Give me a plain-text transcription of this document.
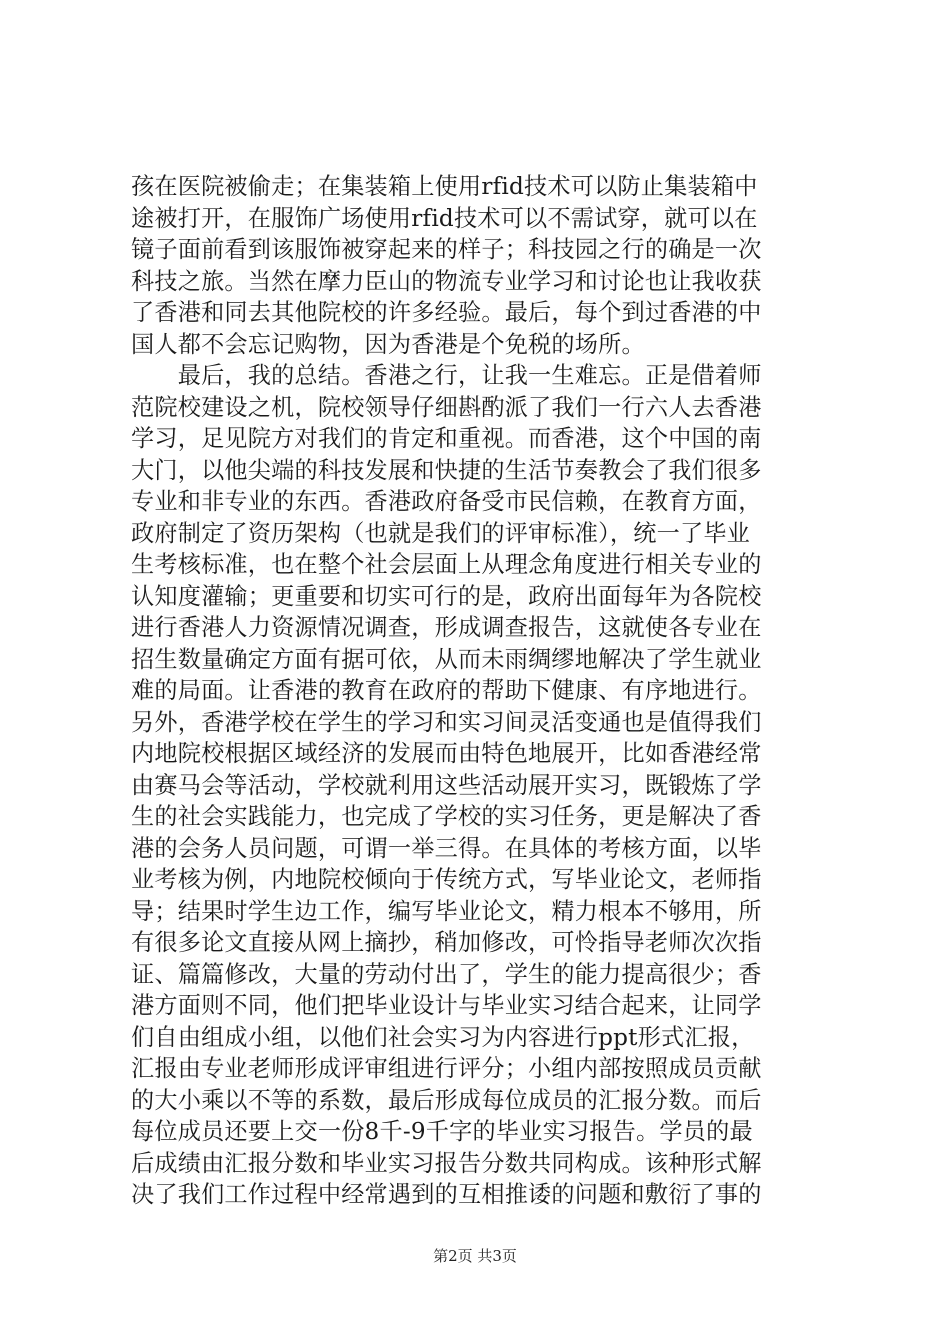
孩在医院被偷走；在集装箱上使用rfid技术可以防止集装箱中
途被打开，在服饰广场使用rfid技术可以不需试穿，就可以在
镜子面前看到该服饰被穿起来的样子；科技园之行的确是一次
科技之旅。当然在摩力臣山的物流专业学习和讨论也让我收获
了香港和同去其他院校的许多经验。最后，每个到过香港的中
国人都不会忘记购物，因为香港是个免税的场所。
　　最后，我的总结。香港之行，让我一生难忘。正是借着师
范院校建设之机，院校领导仔细斟酌派了我们一行六人去香港
学习，足见院方对我们的肯定和重视。而香港，这个中国的南
大门，以他尖端的科技发展和快捷的生活节奏教会了我们很多
专业和非专业的东西。香港政府备受市民信赖，在教育方面，
政府制定了资历架构（也就是我们的评审标准），统一了毕业
生考核标准，也在整个社会层面上从理念角度进行相关专业的
认知度灌输；更重要和切实可行的是，政府出面每年为各院校
进行香港人力资源情况调查，形成调查报告，这就使各专业在
招生数量确定方面有据可依，从而未雨绸缪地解决了学生就业
难的局面。让香港的教育在政府的帮助下健康、有序地进行。
另外，香港学校在学生的学习和实习间灵活变通也是值得我们
内地院校根据区域经济的发展而由特色地展开，比如香港经常
由赛马会等活动，学校就利用这些活动展开实习，既锻炼了学
生的社会实践能力，也完成了学校的实习任务，更是解决了香
港的会务人员问题，可谓一举三得。在具体的考核方面，以毕
业考核为例，内地院校倾向于传统方式，写毕业论文，老师指
导；结果时学生边工作，编写毕业论文，精力根本不够用，所
有很多论文直接从网上摘抄，稍加修改，可怜指导老师次次指
证、篇篇修改，大量的劳动付出了，学生的能力提高很少；香
港方面则不同，他们把毕业设计与毕业实习结合起来，让同学
们自由组成小组，以他们社会实习为内容进行ppt形式汇报，
汇报由专业老师形成评审组进行评分；小组内部按照成员贡献
的大小乘以不等的系数，最后形成每位成员的汇报分数。而后
每位成员还要上交一份8千-9千字的毕业实习报告。学员的最
后成绩由汇报分数和毕业实习报告分数共同构成。该种形式解
决了我们工作过程中经常遇到的互相推诿的问题和敷衍了事的
第2页 共3页
